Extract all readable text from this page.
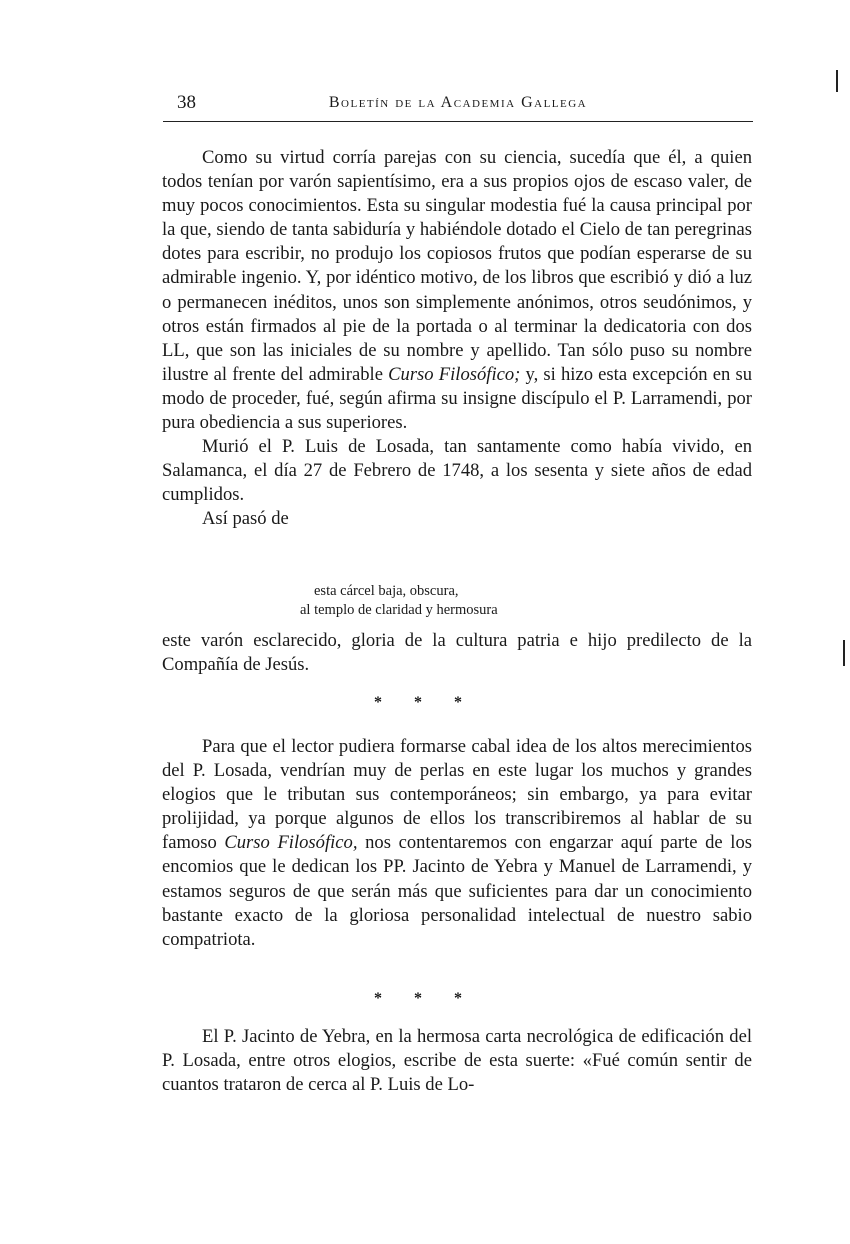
38	Boletín de la Academia Gallega

Como su virtud corría parejas con su ciencia, sucedía que él, a quien todos tenían por varón sapientísimo, era a sus propios ojos de escaso valer, de muy pocos conocimientos. Esta su singular modestia fué la causa principal por la que, siendo de tanta sabiduría y habiéndole dotado el Cielo de tan peregrinas dotes para escribir, no produjo los copiosos frutos que podían esperarse de su admirable ingenio. Y, por idéntico motivo, de los libros que escribió y dió a luz o permanecen inéditos, unos son simplemente anónimos, otros seudónimos, y otros están firmados al pie de la portada o al terminar la dedicatoria con dos LL, que son las iniciales de su nombre y apellido. Tan sólo puso su nombre ilustre al frente del admirable Curso Filosófico; y, si hizo esta excepción en su modo de proceder, fué, según afirma su insigne discípulo el P. Larramendi, por pura obediencia a sus superiores.

Murió el P. Luis de Losada, tan santamente como había vivido, en Salamanca, el día 27 de Febrero de 1748, a los sesenta y siete años de edad cumplidos.

Así pasó de

esta cárcel baja, obscura,
al templo de claridad y hermosura

este varón esclarecido, gloria de la cultura patria e hijo predilecto de la Compañía de Jesús.

* * *

Para que el lector pudiera formarse cabal idea de los altos merecimientos del P. Losada, vendrían muy de perlas en este lugar los muchos y grandes elogios que le tributan sus contemporáneos; sin embargo, ya para evitar prolijidad, ya porque algunos de ellos los transcribiremos al hablar de su famoso Curso Filosófico, nos contentaremos con engarzar aquí parte de los encomios que le dedican los PP. Jacinto de Yebra y Manuel de Larramendi, y estamos seguros de que serán más que suficientes para dar un conocimiento bastante exacto de la gloriosa personalidad intelectual de nuestro sabio compatriota.

* * *

El P. Jacinto de Yebra, en la hermosa carta necrológica de edificación del P. Losada, entre otros elogios, escribe de esta suerte: «Fué común sentir de cuantos trataron de cerca al P. Luis de Lo-
